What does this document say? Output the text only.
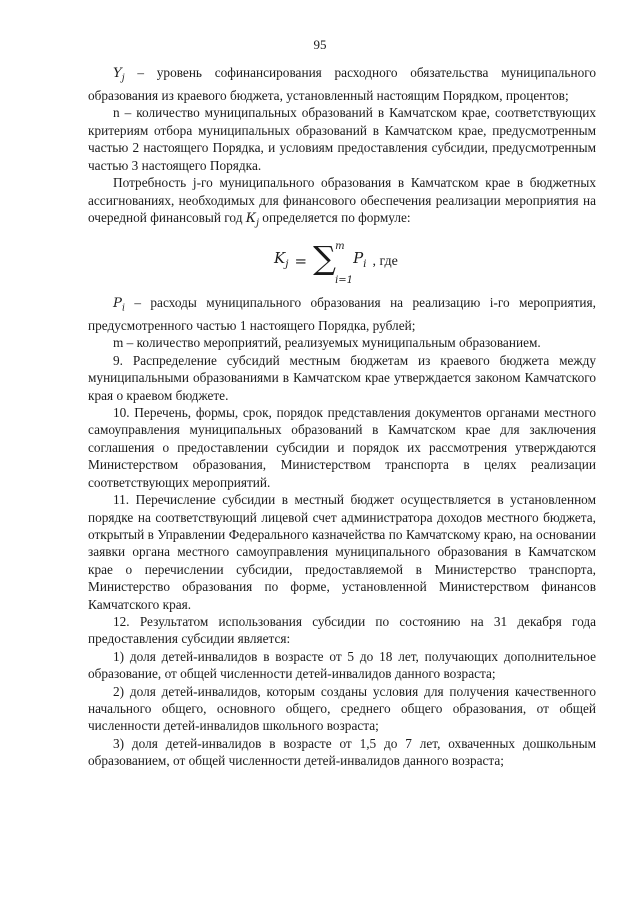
95

$Y_j$ – уровень софинансирования расходного обязательства муниципального образования из краевого бюджета, установленный настоящим Порядком, процентов;

n – количество муниципальных образований в Камчатском крае, соответствующих критериям отбора муниципальных образований в Камчатском крае, предусмотренным частью 2 настоящего Порядка, и условиям предоставления субсидии, предусмотренным частью 3 настоящего Порядка.

Потребность j-го муниципального образования в Камчатском крае в бюджетных ассигнованиях, необходимых для финансового обеспечения реализации мероприятия на очередной финансовый год $К_j$ определяется по формуле:

$K_j$ = ∑ m
i=1
$P_i$ , где

$P_i$ – расходы муниципального образования на реализацию i-го мероприятия, предусмотренного частью 1 настоящего Порядка, рублей;

m – количество мероприятий, реализуемых муниципальным образованием.

9. Распределение субсидий местным бюджетам из краевого бюджета между муниципальными образованиями в Камчатском крае утверждается законом Камчатского края о краевом бюджете.

10. Перечень, формы, срок, порядок представления документов органами местного самоуправления муниципальных образований в Камчатском крае для заключения соглашения о предоставлении субсидии и порядок их рассмотрения утверждаются Министерством образования, Министерством транспорта в целях реализации соответствующих мероприятий.

11. Перечисление субсидии в местный бюджет осуществляется в установленном порядке на соответствующий лицевой счет администратора доходов местного бюджета, открытый в Управлении Федерального казначейства по Камчатскому краю, на основании заявки органа местного самоуправления муниципального образования в Камчатском крае о перечислении субсидии, предоставляемой в Министерство транспорта, Министерство образования по форме, установленной Министерством финансов Камчатского края.

12. Результатом использования субсидии по состоянию на 31 декабря года предоставления субсидии является:

1) доля детей-инвалидов в возрасте от 5 до 18 лет, получающих дополнительное образование, от общей численности детей-инвалидов данного возраста;

2) доля детей-инвалидов, которым созданы условия для получения качественного начального общего, основного общего, среднего общего образования, от общей численности детей-инвалидов школьного возраста;

3) доля детей-инвалидов в возрасте от 1,5 до 7 лет, охваченных дошкольным образованием, от общей численности детей-инвалидов данного возраста;
